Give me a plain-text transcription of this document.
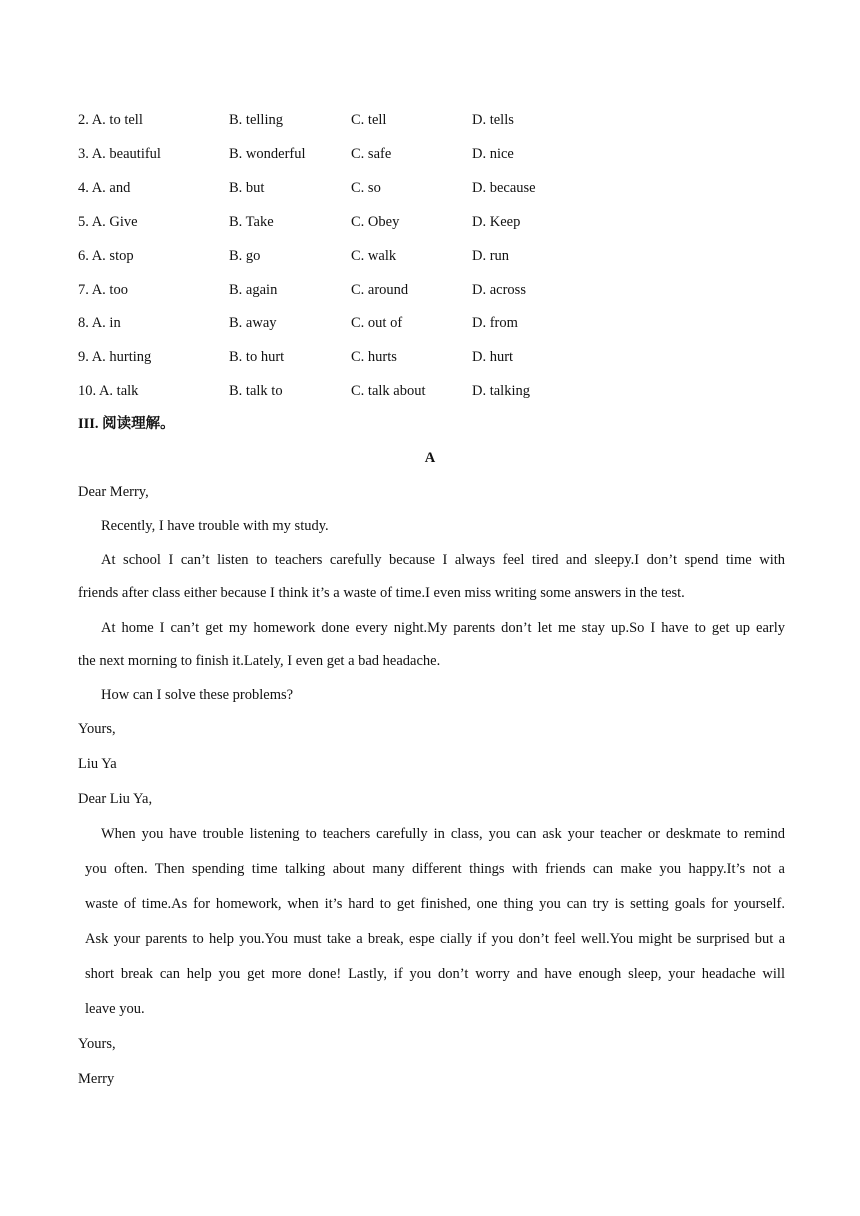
2. A. to tell	B. telling	C. tell	D. tells
3. A. beautiful	B. wonderful	C. safe	D. nice
4. A. and	B. but	C. so	D. because
5. A. Give	B. Take	C. Obey	D. Keep
6. A. stop	B. go	C. walk	D. run
7. A. too	B. again	C. around	D. across
8. A. in	B. away	C. out of	D. from
9. A. hurting	B. to hurt	C. hurts	D. hurt
10. A. talk	B. talk to	C. talk about	D. talking
III. 阅读理解。
A
Dear Merry,
Recently, I have trouble with my study.
At school I can’t listen to teachers carefully because I always feel tired and sleepy.I don’t spend time with
friends after class either because I think it’s a waste of time.I even miss writing some answers in the test.
At home I can’t get my homework done every night.My parents don’t let me stay up.So I have to get up early
the next morning to finish it.Lately, I even get a bad headache.
How can I solve these problems?
Yours,
Liu Ya
Dear Liu Ya,
When you have trouble listening to teachers carefully in class, you can ask your teacher or deskmate to remind
you often. Then spending time talking about many different things with friends can make you happy.It’s not a
waste of time.As for homework, when it’s hard to get finished, one thing you can try is setting goals for yourself.
Ask your parents to help you.You must take a break, espe cially if you don’t feel well.You might be surprised but a
short break can help you get more done! Lastly, if you don’t worry and have enough sleep, your headache will
leave you.
Yours,
Merry
